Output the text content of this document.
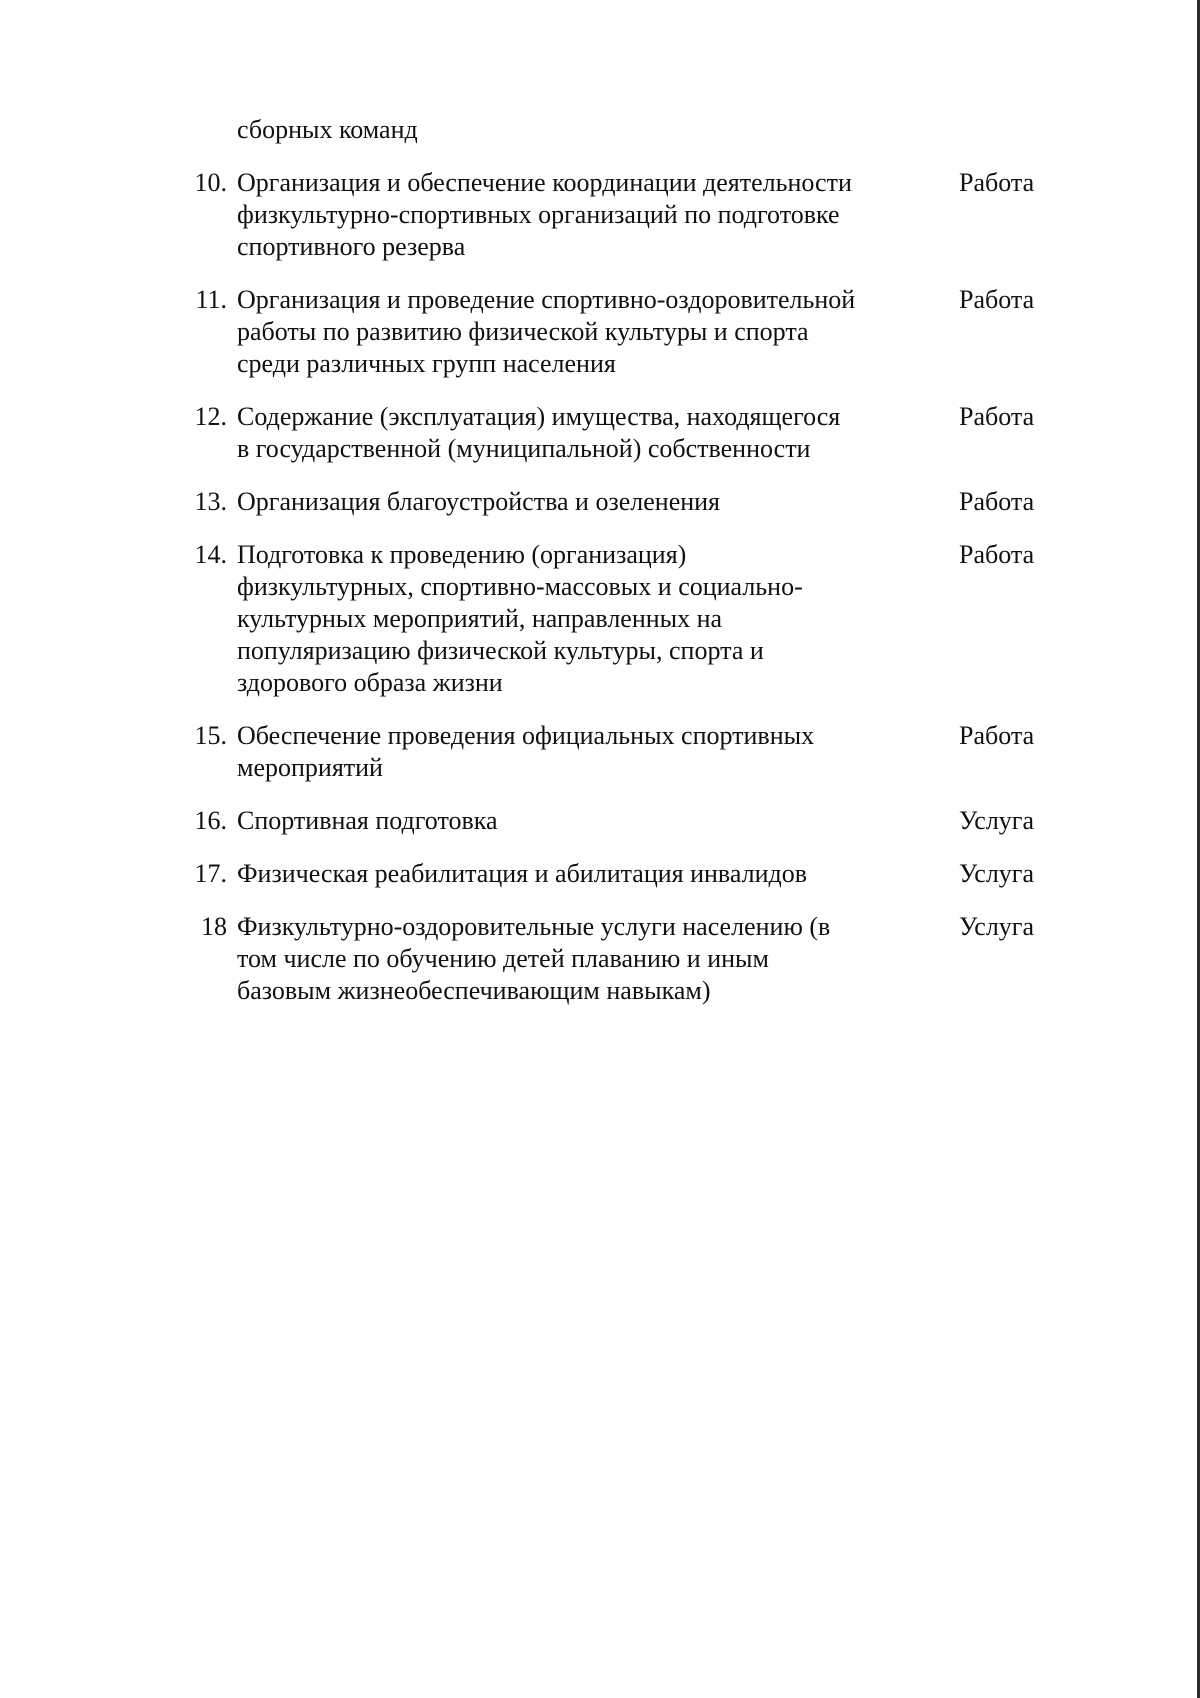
сборных команд
10. Организация и обеспечение координации деятельности
физкультурно-спортивных организаций по подготовке
спортивного резерва
Работа
11. Организация и проведение спортивно-оздоровительной
работы по развитию физической культуры и спорта
среди различных групп населения
Работа
12. Содержание (эксплуатация) имущества, находящегося
в государственной (муниципальной) собственности
Работа
13. Организация благоустройства и озеленения	Работа
14. Подготовка к проведению (организация)
физкультурных, спортивно-массовых и социально-
культурных мероприятий, направленных на
популяризацию физической культуры, спорта и
здорового образа жизни
Работа
15. Обеспечение проведения официальных спортивных
мероприятий
Работа
16. Спортивная подготовка	Услуга
17. Физическая реабилитация и абилитация инвалидов	Услуга
18 Физкультурно-оздоровительные услуги населению (в
том числе по обучению детей плаванию и иным
базовым жизнеобеспечивающим навыкам)
Услуга
